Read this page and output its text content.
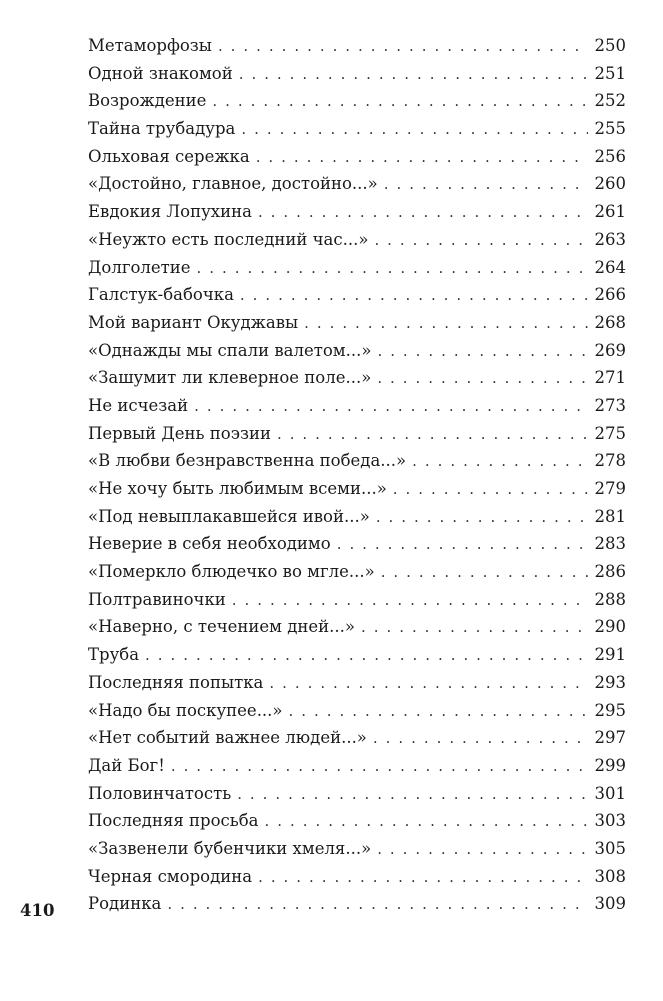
Метаморфозы . . .	250
Одной знакомой . . .	251
Возрождение . . .	252
Тайна трубадура . . .	255
Ольховая сережка . . .	256
«Достойно, главное, достойно...» . . .	260
Евдокия Лопухина . . .	261
«Неужто есть последний час...» . . .	263
Долголетие . . .	264
Галстук-бабочка . . .	266
Мой вариант Окуджавы . . .	268
«Однажды мы спали валетом...» . . .	269
«Зашумит ли клеверное поле...» . . .	271
Не исчезай . . .	273
Первый День поэзии . . .	275
«В любви безнравственна победа...» . . .	278
«Не хочу быть любимым всеми...» . . .	279
«Под невыплакавшейся ивой...» . . .	281
Неверие в себя необходимо . . .	283
«Померкло блюдечко во мгле...» . . .	286
Полтравиночки . . .	288
«Наверно, с течением дней...» . . .	290
Труба . . .	291
Последняя попытка . . .	293
«Надо бы поскупее...» . . .	295
«Нет событий важнее людей...» . . .	297
Дай Бог! . . .	299
Половинчатость . . .	301
Последняя просьба . . .	303
«Зазвенели бубенчики хмеля...» . . .	305
Черная смородина . . .	308
Родинка . . .	309
410
